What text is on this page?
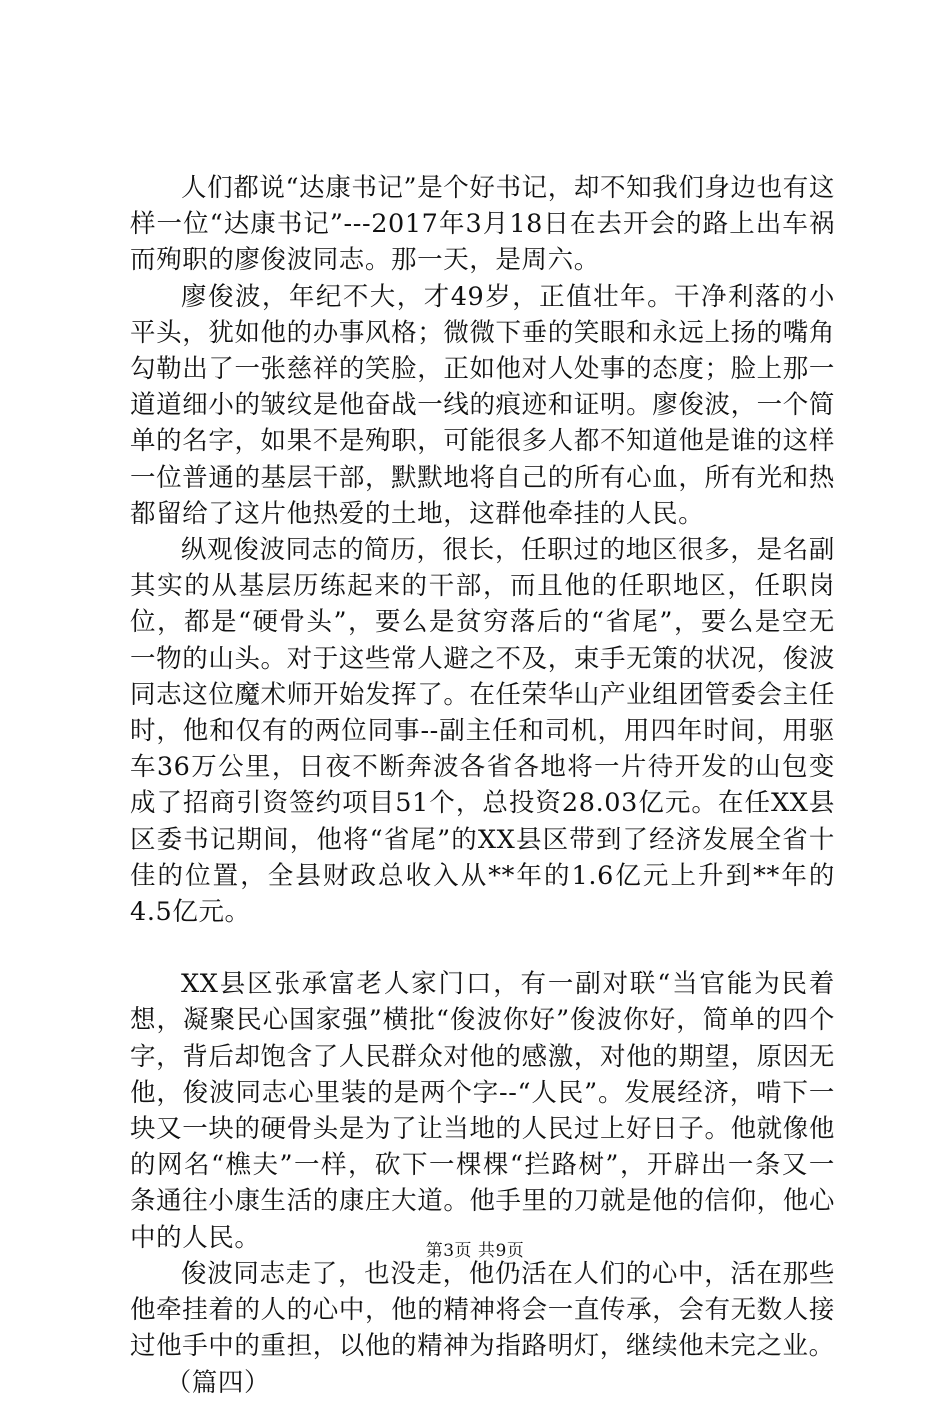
人们都说“达康书记”是个好书记，却不知我们身边也有这样一位“达康书记”---2017年3月18日在去开会的路上出车祸而殉职的廖俊波同志。那一天，是周六。

廖俊波，年纪不大，才49岁，正值壮年。干净利落的小平头，犹如他的办事风格；微微下垂的笑眼和永远上扬的嘴角勾勒出了一张慈祥的笑脸，正如他对人处事的态度；脸上那一道道细小的皱纹是他奋战一线的痕迹和证明。廖俊波，一个简单的名字，如果不是殉职，可能很多人都不知道他是谁的这样一位普通的基层干部，默默地将自己的所有心血，所有光和热都留给了这片他热爱的土地，这群他牵挂的人民。

纵观俊波同志的简历，很长，任职过的地区很多，是名副其实的从基层历练起来的干部，而且他的任职地区，任职岗位，都是“硬骨头”，要么是贫穷落后的“省尾”，要么是空无一物的山头。对于这些常人避之不及，束手无策的状况，俊波同志这位魔术师开始发挥了。在任荣华山产业组团管委会主任时，他和仅有的两位同事--副主任和司机，用四年时间，用驱车36万公里，日夜不断奔波各省各地将一片待开发的山包变成了招商引资签约项目51个，总投资28.03亿元。在任XX县区委书记期间，他将“省尾”的XX县区带到了经济发展全省十佳的位置，全县财政总收入从**年的1.6亿元上升到**年的4.5亿元。

XX县区张承富老人家门口，有一副对联“当官能为民着想，凝聚民心国家强”横批“俊波你好”俊波你好，简单的四个字，背后却饱含了人民群众对他的感激，对他的期望，原因无他，俊波同志心里装的是两个字--“人民”。发展经济，啃下一块又一块的硬骨头是为了让当地的人民过上好日子。他就像他的网名“樵夫”一样，砍下一棵棵“拦路树”，开辟出一条又一条通往小康生活的康庄大道。他手里的刀就是他的信仰，他心中的人民。

俊波同志走了，也没走，他仍活在人们的心中，活在那些他牵挂着的人的心中，他的精神将会一直传承，会有无数人接过他手中的重担，以他的精神为指路明灯，继续他未完之业。

（篇四）

第3页 共9页
